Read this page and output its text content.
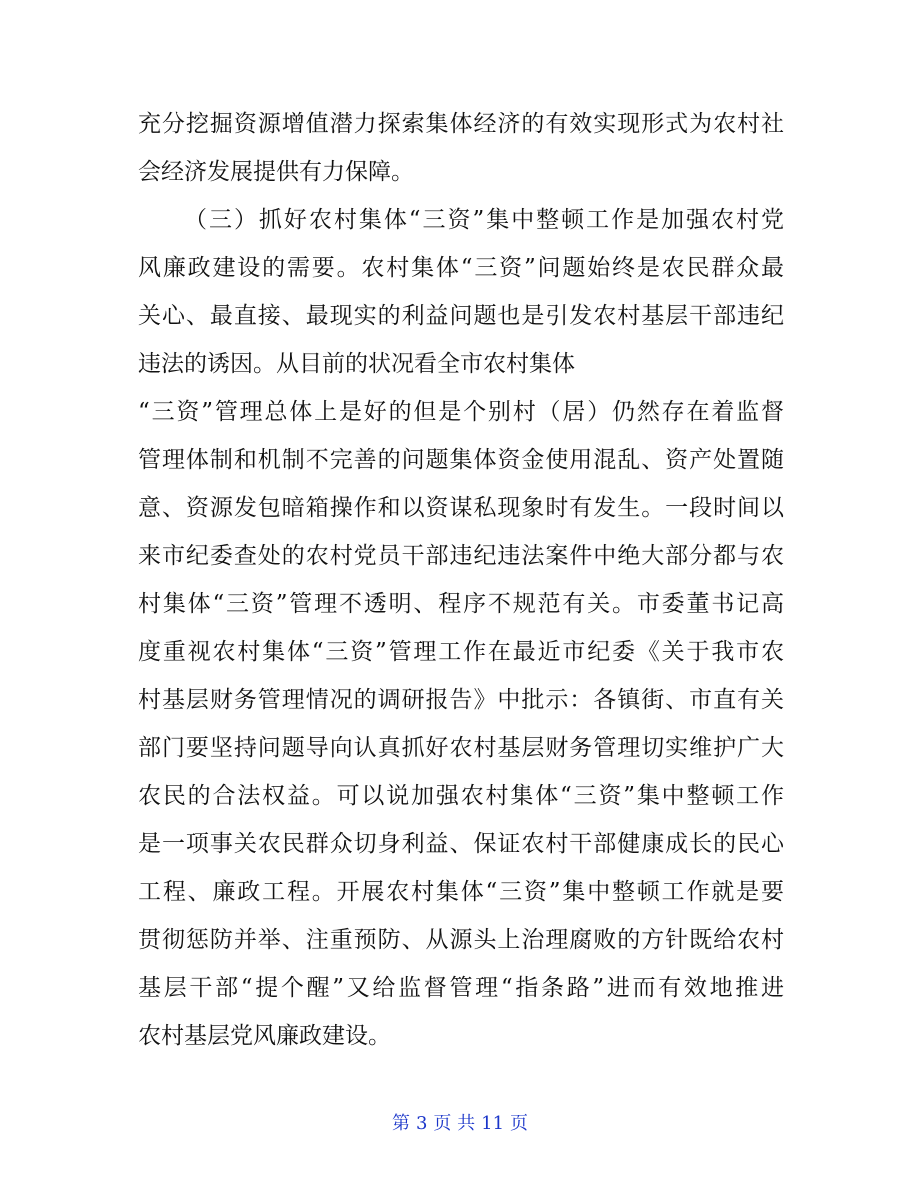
充分挖掘资源增值潜力探索集体经济的有效实现形式为农村社
会经济发展提供有力保障。
（三）抓好农村集体“三资”集中整顿工作是加强农村党
风廉政建设的需要。农村集体“三资”问题始终是农民群众最
关心、最直接、最现实的利益问题也是引发农村基层干部违纪
违法的诱因。从目前的状况看全市农村集体
“三资”管理总体上是好的但是个别村（居）仍然存在着监督
管理体制和机制不完善的问题集体资金使用混乱、资产处置随
意、资源发包暗箱操作和以资谋私现象时有发生。一段时间以
来市纪委查处的农村党员干部违纪违法案件中绝大部分都与农
村集体“三资”管理不透明、程序不规范有关。市委董书记高
度重视农村集体“三资”管理工作在最近市纪委《关于我市农
村基层财务管理情况的调研报告》中批示：各镇街、市直有关
部门要坚持问题导向认真抓好农村基层财务管理切实维护广大
农民的合法权益。可以说加强农村集体“三资”集中整顿工作
是一项事关农民群众切身利益、保证农村干部健康成长的民心
工程、廉政工程。开展农村集体“三资”集中整顿工作就是要
贯彻惩防并举、注重预防、从源头上治理腐败的方针既给农村
基层干部“提个醒”又给监督管理“指条路”进而有效地推进
农村基层党风廉政建设。
第 3 页 共 11 页
